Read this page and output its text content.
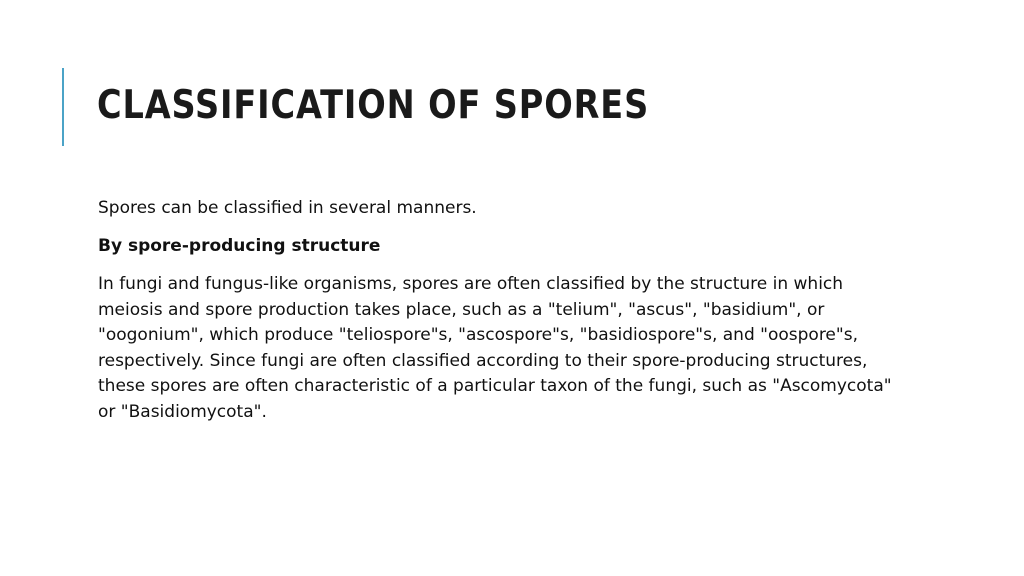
CLASSIFICATION OF SPORES

Spores can be classified in several manners.

By spore-producing structure

In fungi and fungus-like organisms, spores are often classified by the structure in which meiosis and spore production takes place, such as a "telium", "ascus", "basidium", or "oogonium", which produce "teliospore"s, "ascospore"s, "basidiospore"s, and "oospore"s, respectively. Since fungi are often classified according to their spore-producing structures, these spores are often characteristic of a particular taxon of the fungi, such as "Ascomycota" or "Basidiomycota".
